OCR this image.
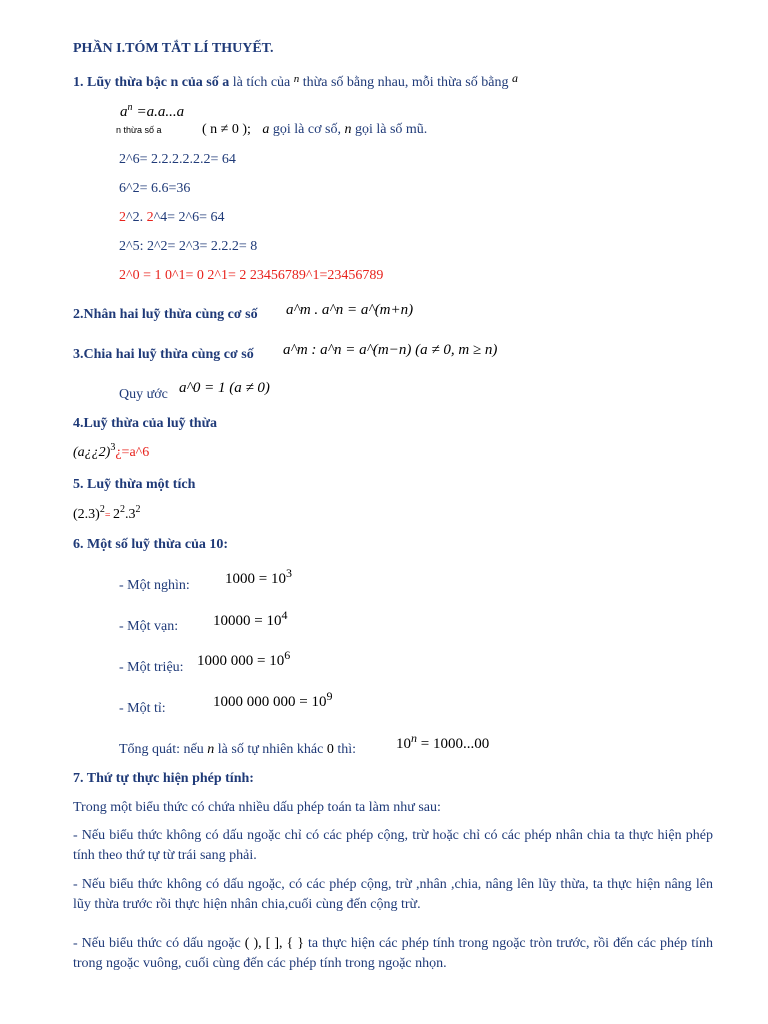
PHẦN I.TÓM TẮT LÍ THUYẾT.
1. Lũy thừa bậc n của số a là tích của $^n$ thừa số bằng nhau, mỗi thừa số bằng a
$a^n =a.a...a$
n thừa số a	( n ≠ 0 ); a gọi là cơ số, n gọi là số mũ.
2^6= 2.2.2.2.2.2= 64
6^2= 6.6=36
2^2. 2^4= 2^6= 64
2^5: 2^2= 2^3= 2.2.2= 8
2^0 = 1 0^1= 0 2^1= 2 23456789^1=23456789
2.Nhân hai luỹ thừa cùng cơ số a^m . a^n = a^(m+n)
3.Chia hai luỹ thừa cùng cơ số a^m : a^n = a^(m−n) (a ≠ 0, m ≥ n)
Quy ước a^0 = 1 (a ≠ 0)
4.Luỹ thừa của luỹ thừa
(a¿¿2)$^3$¿=a^6
5. Luỹ thừa một tích
$(2.3)^2= 2^2.3^2$
6. Một số luỹ thừa của 10:
- Một nghìn: $1000 = 10^3$
- Một vạn: $10000 = 10^4$
- Một triệu: 1000 $000 = 10^6$
- Một tỉ:	1000 000 $000 = 10^9$
Tổng quát: nếu n là số tự nhiên khác 0 thì:	$10^n = 1000...00$
7. Thứ tự thực hiện phép tính:
Trong một biểu thức có chứa nhiều dấu phép toán ta làm như sau:
- Nếu biểu thức không có dấu ngoặc chỉ có các phép cộng, trừ hoặc chỉ có các phép nhân chia ta thực hiện phép tính theo thứ tự từ trái sang phải.
- Nếu biểu thức không có dấu ngoặc, có các phép cộng, trừ ,nhân ,chia, nâng lên lũy thừa, ta thực hiện nâng lên lũy thừa trước rồi thực hiện nhân chia,cuối cùng đến cộng trừ.
- Nếu biểu thức có dấu ngoặc ( ), [ ], { } ta thực hiện các phép tính trong ngoặc tròn trước, rồi đến các phép tính trong ngoặc vuông, cuối cùng đến các phép tính trong ngoặc nhọn.
